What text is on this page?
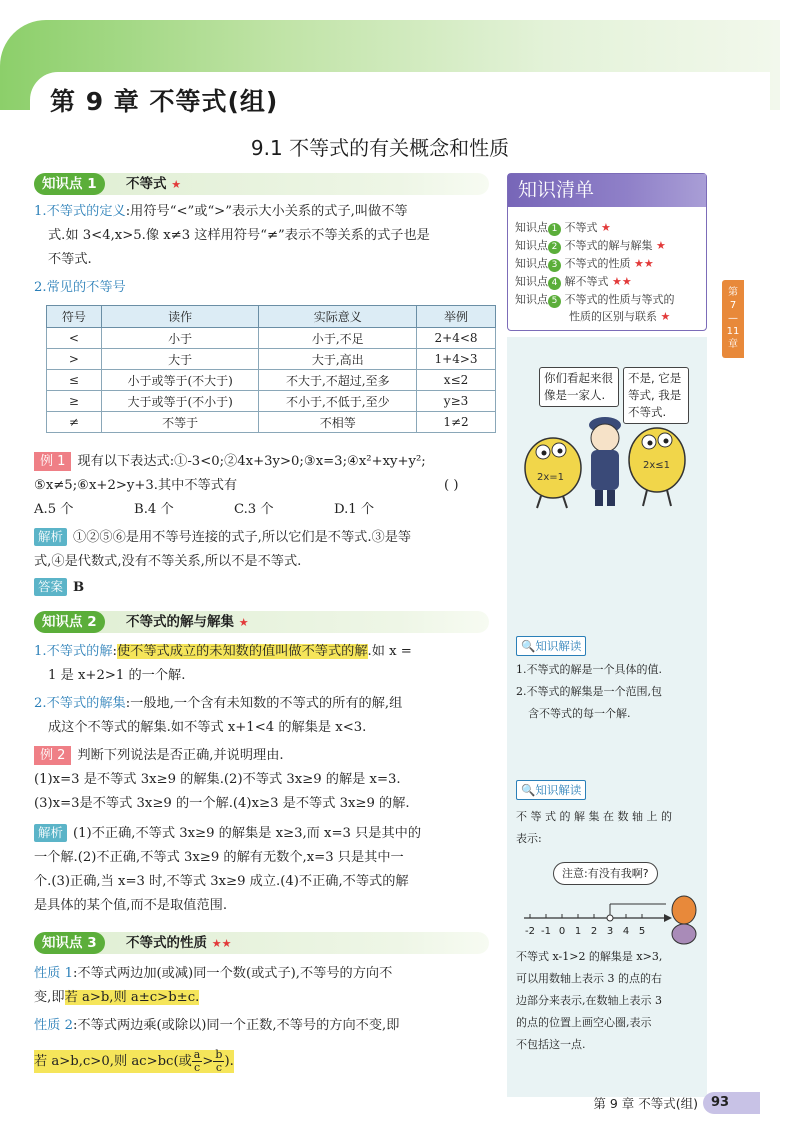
第 9 章 不等式(组)
9.1 不等式的有关概念和性质
知识点 1	不等式 ★
1.不等式的定义:用符号“<”或“>”表示大小关系的式子,叫做不等
式.如 3<4,x>5.像 x≠3 这样用符号“≠”表示不等关系的式子也是
不等式.
2.常见的不等号
符号	读作	实际意义	举例
<	小于	小于,不足	2+4<8
>	大于	大于,高出	1+4>3
≤	小于或等于(不大于)	不大于,不超过,至多	x≤2
≥	大于或等于(不小于)	不小于,不低于,至少	y≥3
≠	不等于	不相等	1≠2
例 1 现有以下表达式:①-3<0;②4x+3y>0;③x=3;④x²+xy+y²;
⑤x≠5;⑥x+2>y+3.其中不等式有	( )

A.5 个	B.4 个	C.3 个	D.1 个
解析 ①②⑤⑥是用不等号连接的式子,所以它们是不等式.③是等
式,④是代数式,没有不等关系,所以不是不等式.
答案 B
知识点 2	不等式的解与解集 ★
1.不等式的解:使不等式成立的未知数的值叫做不等式的解.如 x =
1 是 x+2>1 的一个解.
2.不等式的解集:一般地,一个含有未知数的不等式的所有的解,组
成这个不等式的解集.如不等式 x+1<4 的解集是 x<3.
例 2 判断下列说法是否正确,并说明理由.
(1)x=3 是不等式 3x≥9 的解集.(2)不等式 3x≥9 的解是 x=3.
(3)x=3是不等式 3x≥9 的一个解.(4)x≥3 是不等式 3x≥9 的解.
解析 (1)不正确,不等式 3x≥9 的解集是 x≥3,而 x=3 只是其中的
一个解.(2)不正确,不等式 3x≥9 的解有无数个,x=3 只是其中一
个.(3)正确,当 x=3 时,不等式 3x≥9 成立.(4)不正确,不等式的解
是具体的某个值,而不是取值范围.
知识点 3	不等式的性质 ★★
性质 1:不等式两边加(或减)同一个数(或式子),不等号的方向不
变,即若 a>b,则 a±c>b±c.
性质 2:不等式两边乘(或除以)同一个正数,不等号的方向不变,即
若 a>b,c>0,则 ac>bc(或 $\frac{a}{c} > \frac{b}{c}$ ).
知识清单
知识点 1 不等式 ★
知识点 2 不等式的解与解集 ★
知识点 3 不等式的性质 ★★
知识点 4 解不等式 ★★
知识点 5 不等式的性质与等式的
性质的区别与联系 ★
第
7
—
11
章
你们看起来很
像是一家人.
不是, 它是
等式, 我是
不等式.
2x=1
2x≤1
🔍知识解读
1.不等式的解是一个具体的值.
2.不等式的解集是一个范围,包
含不等式的每一个解.
🔍知识解读
不 等 式 的 解 集 在 数 轴 上 的
表示:
注意:有没有我啊?
-2 -1 0 1 2 3 4 5
不等式 x-1>2 的解集是 x>3,
可以用数轴上表示 3 的点的右
边部分来表示,在数轴上表示 3
的点的位置上画空心圈,表示
不包括这一点.
第 9 章 不等式(组)	93
